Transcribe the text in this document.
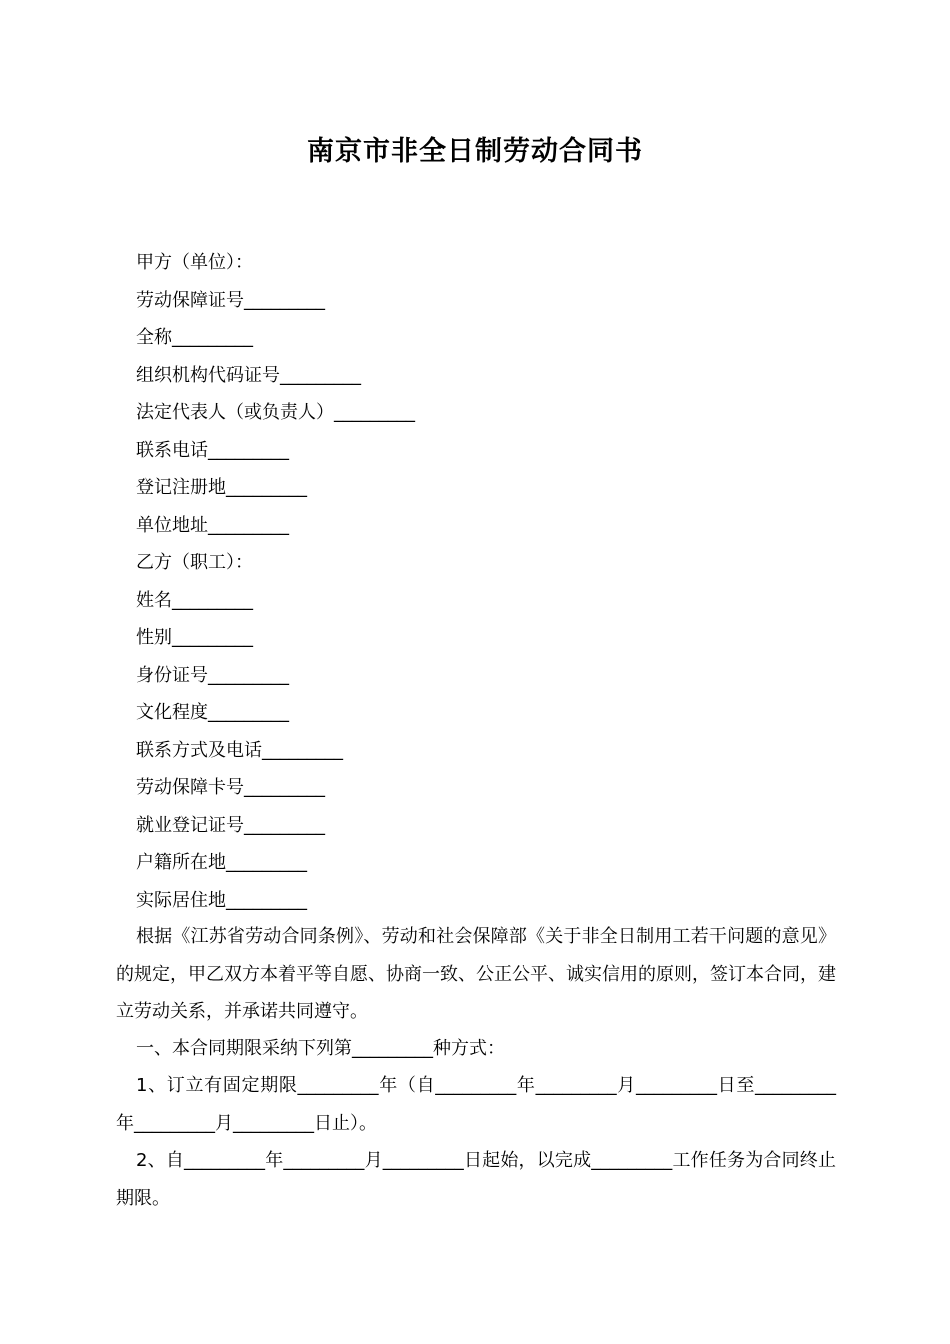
南京市非全日制劳动合同书
甲方（单位）：
劳动保障证号_________
全称_________
组织机构代码证号_________
法定代表人（或负责人）_________
联系电话_________
登记注册地_________
单位地址_________
乙方（职工）：
姓名_________
性别_________
身份证号_________
文化程度_________
联系方式及电话_________
劳动保障卡号_________
就业登记证号_________
户籍所在地_________
实际居住地_________

根据《江苏省劳动合同条例》、劳动和社会保障部《关于非全日制用工若干问题的意见》的规定，甲乙双方本着平等自愿、协商一致、公正公平、诚实信用的原则，签订本合同，建立劳动关系，并承诺共同遵守。

一、本合同期限采纳下列第_________种方式：

1、订立有固定期限_________年（自_________年_________月_________日至_________年_________月_________日止）。

2、自_________年_________月_________日起始，以完成_________工作任务为合同终止期限。
